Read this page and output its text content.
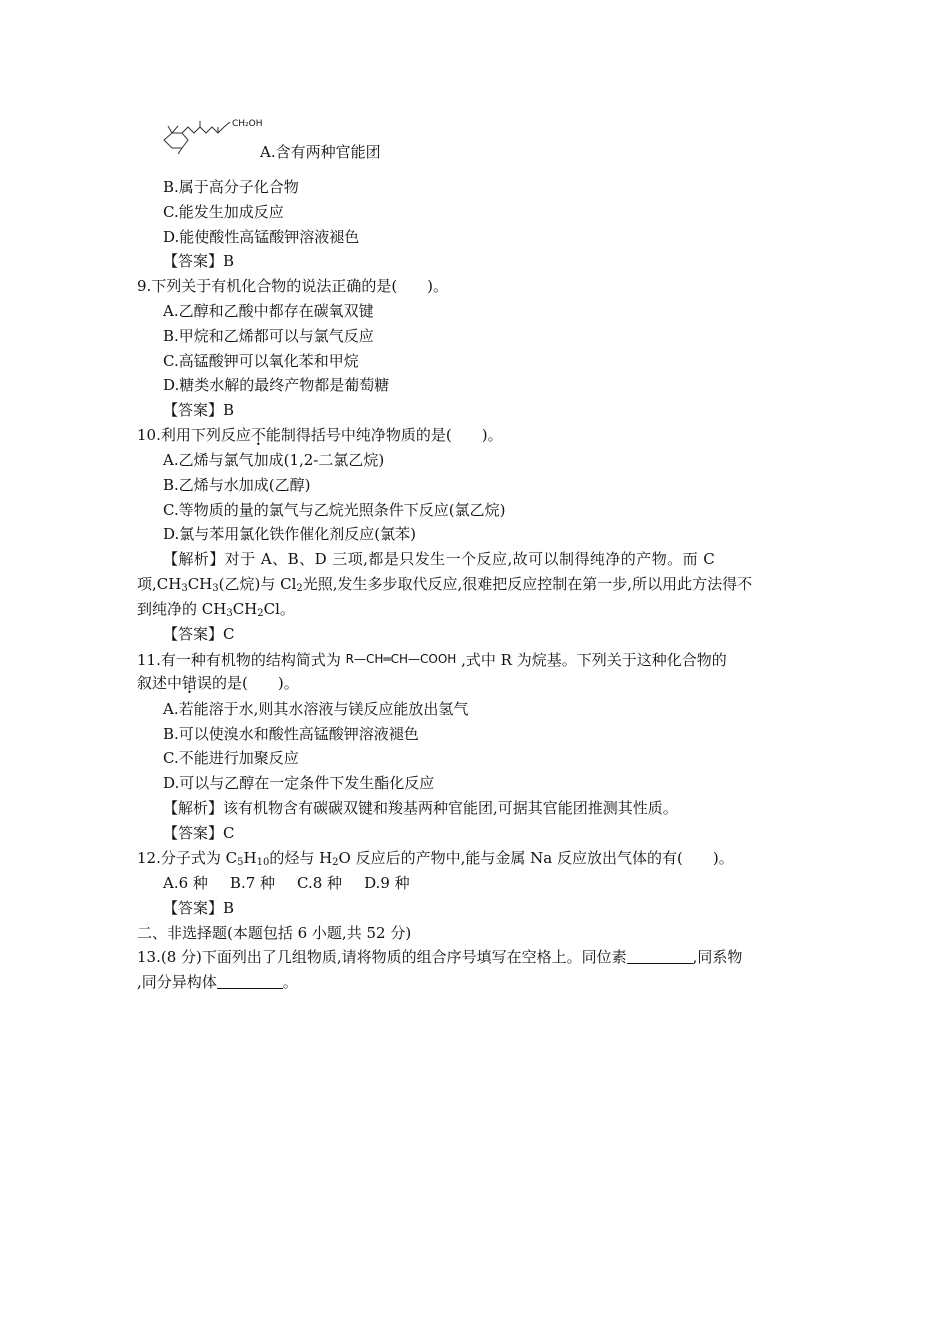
CH₂OH
A.含有两种官能团
B.属于高分子化合物
C.能发生加成反应
D.能使酸性高锰酸钾溶液褪色
【答案】B
9.下列关于有机化合物的说法正确的是(　　)。
A.乙醇和乙酸中都存在碳氧双键
B.甲烷和乙烯都可以与氯气反应
C.高锰酸钾可以氧化苯和甲烷
D.糖类水解的最终产物都是葡萄糖
【答案】B
10.利用下列反应不能制得括号中纯净物质的是(　　)。
A.乙烯与氯气加成(1,2-二氯乙烷)
B.乙烯与水加成(乙醇)
C.等物质的量的氯气与乙烷光照条件下反应(氯乙烷)
D.氯与苯用氯化铁作催化剂反应(氯苯)
【解析】对于 A、B、D 三项,都是只发生一个反应,故可以制得纯净的产物。而 C
项$,CH_3CH_3$(乙烷)与 $Cl_2$光照,发生多步取代反应,很难把反应控制在第一步,所以用此方法得不
到纯净的 $CH_3CH_2Cl$。
【答案】C
11.有一种有机物的结构简式为 R—CH═CH—COOH ,式中 R 为烷基。下列关于这种化合物的
叙述中错误的是(　　)。
A.若能溶于水,则其水溶液与镁反应能放出氢气
B.可以使溴水和酸性高锰酸钾溶液褪色
C.不能进行加聚反应
D.可以与乙醇在一定条件下发生酯化反应
【解析】该有机物含有碳碳双键和羧基两种官能团,可据其官能团推测其性质。
【答案】C
12.分子式为 $C_5H_{10}$的烃与 $H_2O$ 反应后的产物中,能与金属 Na 反应放出气体的有(　　)。
A.6 种 B.7 种 C.8 种 D.9 种
【答案】B
二、非选择题(本题包括 6 小题,共 52 分)
13.(8 分)下面列出了几组物质,请将物质的组合序号填写在空格上。同位素	,同系物
,同分异构体	。
